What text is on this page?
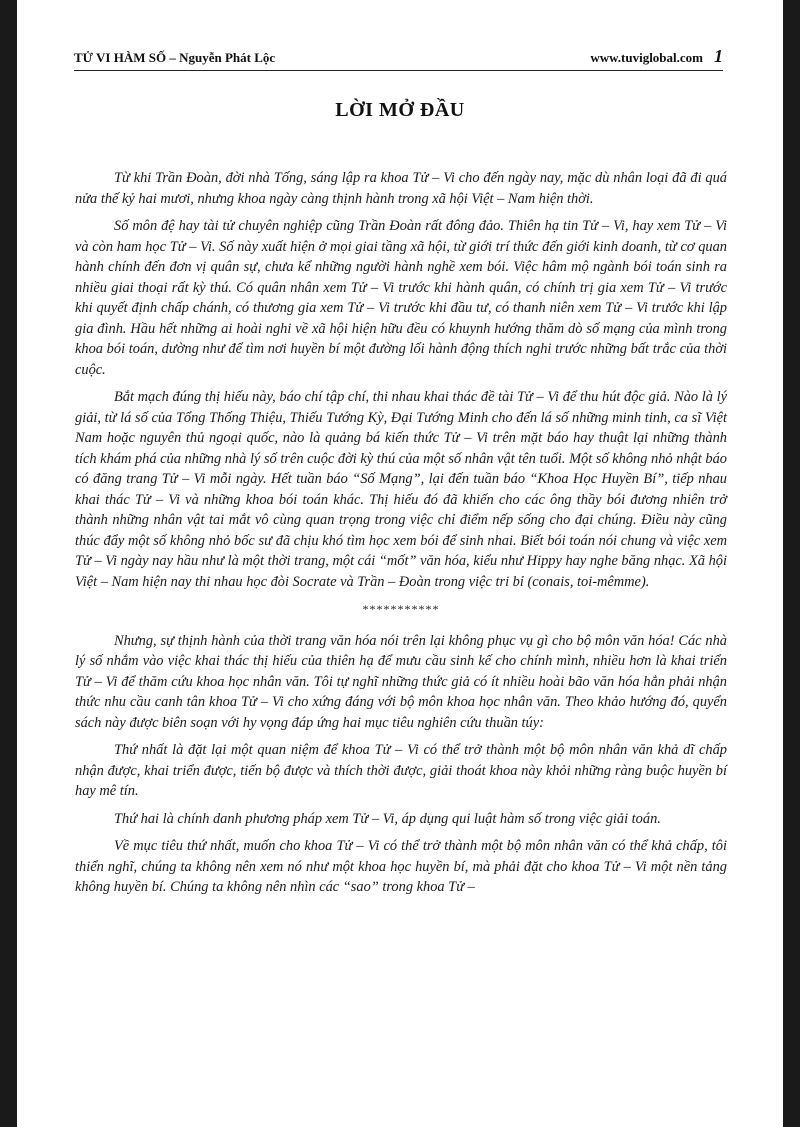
TỬ VI HÀM SỐ – Nguyễn Phát Lộc	www.tuviglobal.com 1
LỜI MỞ ĐẦU

Từ khi Trần Đoàn, đời nhà Tống, sáng lập ra khoa Tử – Vi cho đến ngày nay, mặc dù nhân loại đã đi quá nửa thế kỷ hai mươi, nhưng khoa ngày càng thịnh hành trong xã hội Việt – Nam hiện thời.

Số môn đệ hay tài tử chuyên nghiệp cũng Trần Đoàn rất đông đảo. Thiên hạ tin Tử – Vi, hay xem Tử – Vi và còn ham học Tử – Vi. Số này xuất hiện ở mọi giai tầng xã hội, từ giới trí thức đến giới kinh doanh, từ cơ quan hành chính đến đơn vị quân sự, chưa kể những người hành nghề xem bói. Việc hâm mộ ngành bói toán sinh ra nhiều giai thoại rất kỳ thú. Có quân nhân xem Tử – Vi trước khi hành quân, có chính trị gia xem Tử – Vi trước khi quyết định chấp chánh, có thương gia xem Tử – Vi trước khi đầu tư, có thanh niên xem Tử – Vi trước khi lập gia đình. Hầu hết những ai hoài nghi về xã hội hiện hữu đều có khuynh hướng thăm dò số mạng của mình trong khoa bói toán, dường như để tìm nơi huyền bí một đường lối hành động thích nghi trước những bất trắc của thời cuộc.

Bắt mạch đúng thị hiếu này, báo chí tập chí, thi nhau khai thác đề tài Tử – Vi để thu hút độc giả. Nào là lý giải, từ lá số của Tổng Thống Thiệu, Thiếu Tướng Kỳ, Đại Tướng Minh cho đến lá số những minh tinh, ca sĩ Việt Nam hoặc nguyên thủ ngoại quốc, nào là quảng bá kiến thức Tử – Vi trên mặt báo hay thuật lại những thành tích khám phá của những nhà lý số trên cuộc đời kỳ thú của một số nhân vật tên tuổi. Một số không nhỏ nhật báo có đăng trang Tử – Vi mỗi ngày. Hết tuần báo “Số Mạng”, lại đến tuần báo “Khoa Học Huyền Bí”, tiếp nhau khai thác Tử – Vi và những khoa bói toán khác. Thị hiếu đó đã khiến cho các ông thầy bói đương nhiên trở thành những nhân vật tai mắt vô cùng quan trọng trong việc chỉ điểm nếp sống cho đại chúng. Điều này cũng thúc đẩy một số không nhỏ bốc sư đã chịu khó tìm học xem bói để sinh nhai. Biết bói toán nói chung và việc xem Tử – Vi ngày nay hầu như là một thời trang, một cái “mốt” văn hóa, kiểu như Hippy hay nghe băng nhạc. Xã hội Việt – Nam hiện nay thi nhau học đòi Socrate và Trần – Đoàn trong việc tri bỉ (conais, toi-mêmme).

***********

Nhưng, sự thịnh hành của thời trang văn hóa nói trên lại không phục vụ gì cho bộ môn văn hóa! Các nhà lý số nhắm vào việc khai thác thị hiếu của thiên hạ để mưu cầu sinh kế cho chính mình, nhiều hơn là khai triển Tử – Vi để thăm cứu khoa học nhân văn. Tôi tự nghĩ những thức giả có ít nhiều hoài bão văn hóa hẳn phải nhận thức nhu cầu canh tân khoa Tử – Vi cho xứng đáng với bộ môn khoa học nhân văn. Theo khảo hướng đó, quyển sách này được biên soạn với hy vọng đáp ứng hai mục tiêu nghiên cứu thuần túy:

Thứ nhất là đặt lại một quan niệm để khoa Tử – Vi có thể trở thành một bộ môn nhân văn khả dĩ chấp nhận được, khai triển được, tiến bộ được và thích thời được, giải thoát khoa này khỏi những ràng buộc huyền bí hay mê tín.

Thứ hai là chính danh phương pháp xem Tử – Vi, áp dụng qui luật hàm số trong việc giải toán.

Về mục tiêu thứ nhất, muốn cho khoa Tử – Vi có thể trở thành một bộ môn nhân văn có thể khả chấp, tôi thiển nghĩ, chúng ta không nên xem nó như một khoa học huyền bí, mà phải đặt cho khoa Tử – Vi một nền tảng không huyền bí. Chúng ta không nên nhìn các “sao” trong khoa Tử –
